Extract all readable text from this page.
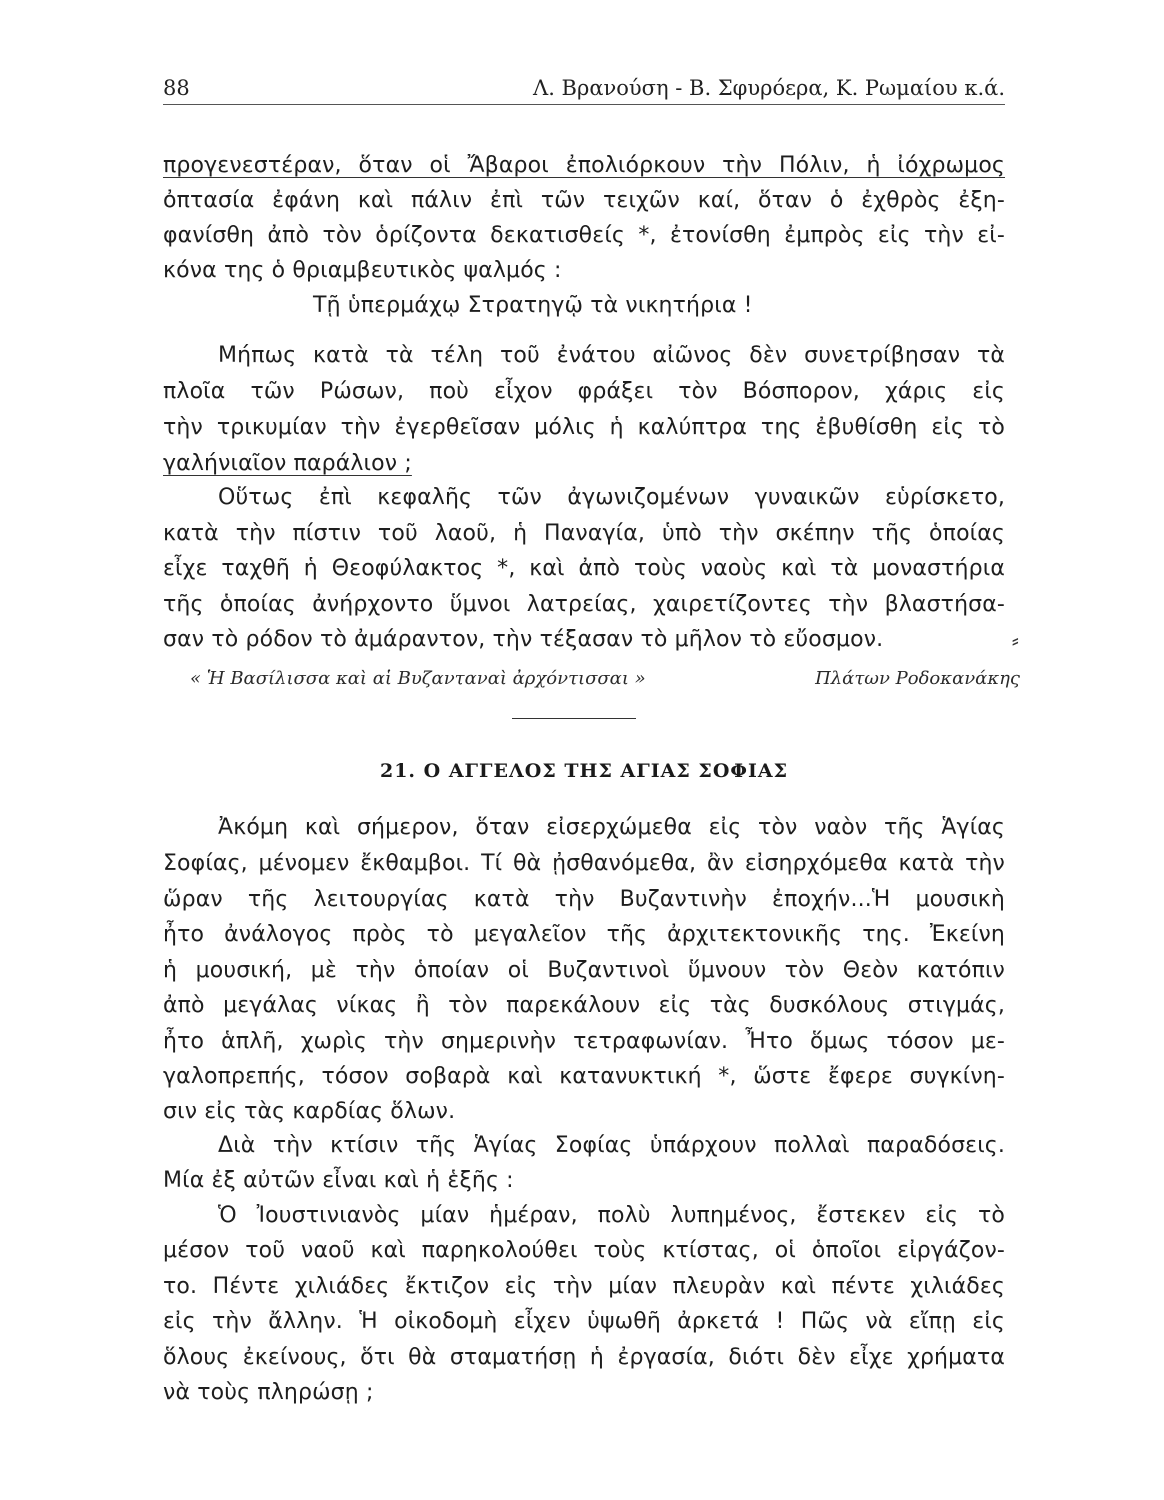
88	Λ. Βρανούση - Β. Σφυρόερα, Κ. Ρωμαίου κ.ά.
προγενεστέραν, ὅταν οἱ Ἄβαροι ἐπολιόρκουν τὴν Πόλιν, ἡ ἰόχρωμος
ὀπτασία ἐφάνη καὶ πάλιν ἐπὶ τῶν τειχῶν καί, ὅταν ὁ ἐχθρὸς ἐξη-
φανίσθη ἀπὸ τὸν ὁρίζοντα δεκατισθείς *, ἐτονίσθη ἐμπρὸς εἰς τὴν εἰ-
κόνα της ὁ θριαμβευτικὸς ψαλμός :
Τῇ ὑπερμάχῳ Στρατηγῷ τὰ νικητήρια !
Μήπως κατὰ τὰ τέλη τοῦ ἐνάτου αἰῶνος δὲν συνετρίβησαν τὰ
πλοῖα τῶν Ρώσων, ποὺ εἶχον φράξει τὸν Βόσπορον, χάρις εἰς
τὴν τρικυμίαν τὴν ἐγερθεῖσαν μόλις ἡ καλύπτρα της ἐβυθίσθη εἰς τὸ
γαλήνιαῖον παράλιον ;
Οὕτως ἐπὶ κεφαλῆς τῶν ἀγωνιζομένων γυναικῶν εὑρίσκετο,
κατὰ τὴν πίστιν τοῦ λαοῦ, ἡ Παναγία, ὑπὸ τὴν σκέπην τῆς ὁποίας
εἶχε ταχθῆ ἡ Θεοφύλακτος *, καὶ ἀπὸ τοὺς ναοὺς καὶ τὰ μοναστήρια
τῆς ὁποίας ἀνήρχοντο ὕμνοι λατρείας, χαιρετίζοντες τὴν βλαστήσα-
σαν τὸ ρόδον τὸ ἀμάραντον, τὴν τέξασαν τὸ μῆλον τὸ εὔοσμον.
« Ἡ Βασίλισσα καὶ αἱ Βυζανταναὶ ἀρχόντισσαι »	Πλάτων Ροδοκανάκης
21. Ο ΑΓΓΕΛΟΣ ΤΗΣ ΑΓΙΑΣ ΣΟΦΙΑΣ
Ἀκόμη καὶ σήμερον, ὅταν εἰσερχώμεθα εἰς τὸν ναὸν τῆς Ἁγίας
Σοφίας, μένομεν ἔκθαμβοι. Τί θὰ ᾐσθανόμεθα, ἂν εἰσηρχόμεθα κατὰ τὴν
ὥραν τῆς λειτουργίας κατὰ τὴν Βυζαντινὴν ἐποχήν...Ἡ μουσικὴ
ἦτο ἀνάλογος πρὸς τὸ μεγαλεῖον τῆς ἀρχιτεκτονικῆς της. Ἐκείνη
ἡ μουσική, μὲ τὴν ὁποίαν οἱ Βυζαντινοὶ ὕμνουν τὸν Θεὸν κατόπιν
ἀπὸ μεγάλας νίκας ἢ τὸν παρεκάλουν εἰς τὰς δυσκόλους στιγμάς,
ἦτο ἁπλῆ, χωρὶς τὴν σημερινὴν τετραφωνίαν. Ἦτο ὅμως τόσον με-
γαλοπρεπής, τόσον σοβαρὰ καὶ κατανυκτική *, ὥστε ἔφερε συγκίνη-
σιν εἰς τὰς καρδίας ὅλων.
Διὰ τὴν κτίσιν τῆς Ἁγίας Σοφίας ὑπάρχουν πολλαὶ παραδόσεις.
Μία ἐξ αὐτῶν εἶναι καὶ ἡ ἑξῆς :
Ὁ Ἰουστινιανὸς μίαν ἡμέραν, πολὺ λυπημένος, ἔστεκεν εἰς τὸ
μέσον τοῦ ναοῦ καὶ παρηκολούθει τοὺς κτίστας, οἱ ὁποῖοι εἰργάζον-
το. Πέντε χιλιάδες ἔκτιζον εἰς τὴν μίαν πλευρὰν καὶ πέντε χιλιάδες
εἰς τὴν ἄλλην. Ἡ οἰκοδομὴ εἶχεν ὑψωθῆ ἀρκετά ! Πῶς νὰ εἴπῃ εἰς
ὅλους ἐκείνους, ὅτι θὰ σταματήσῃ ἡ ἐργασία, διότι δὲν εἶχε χρήματα
νὰ τοὺς πληρώσῃ ;
⸗
